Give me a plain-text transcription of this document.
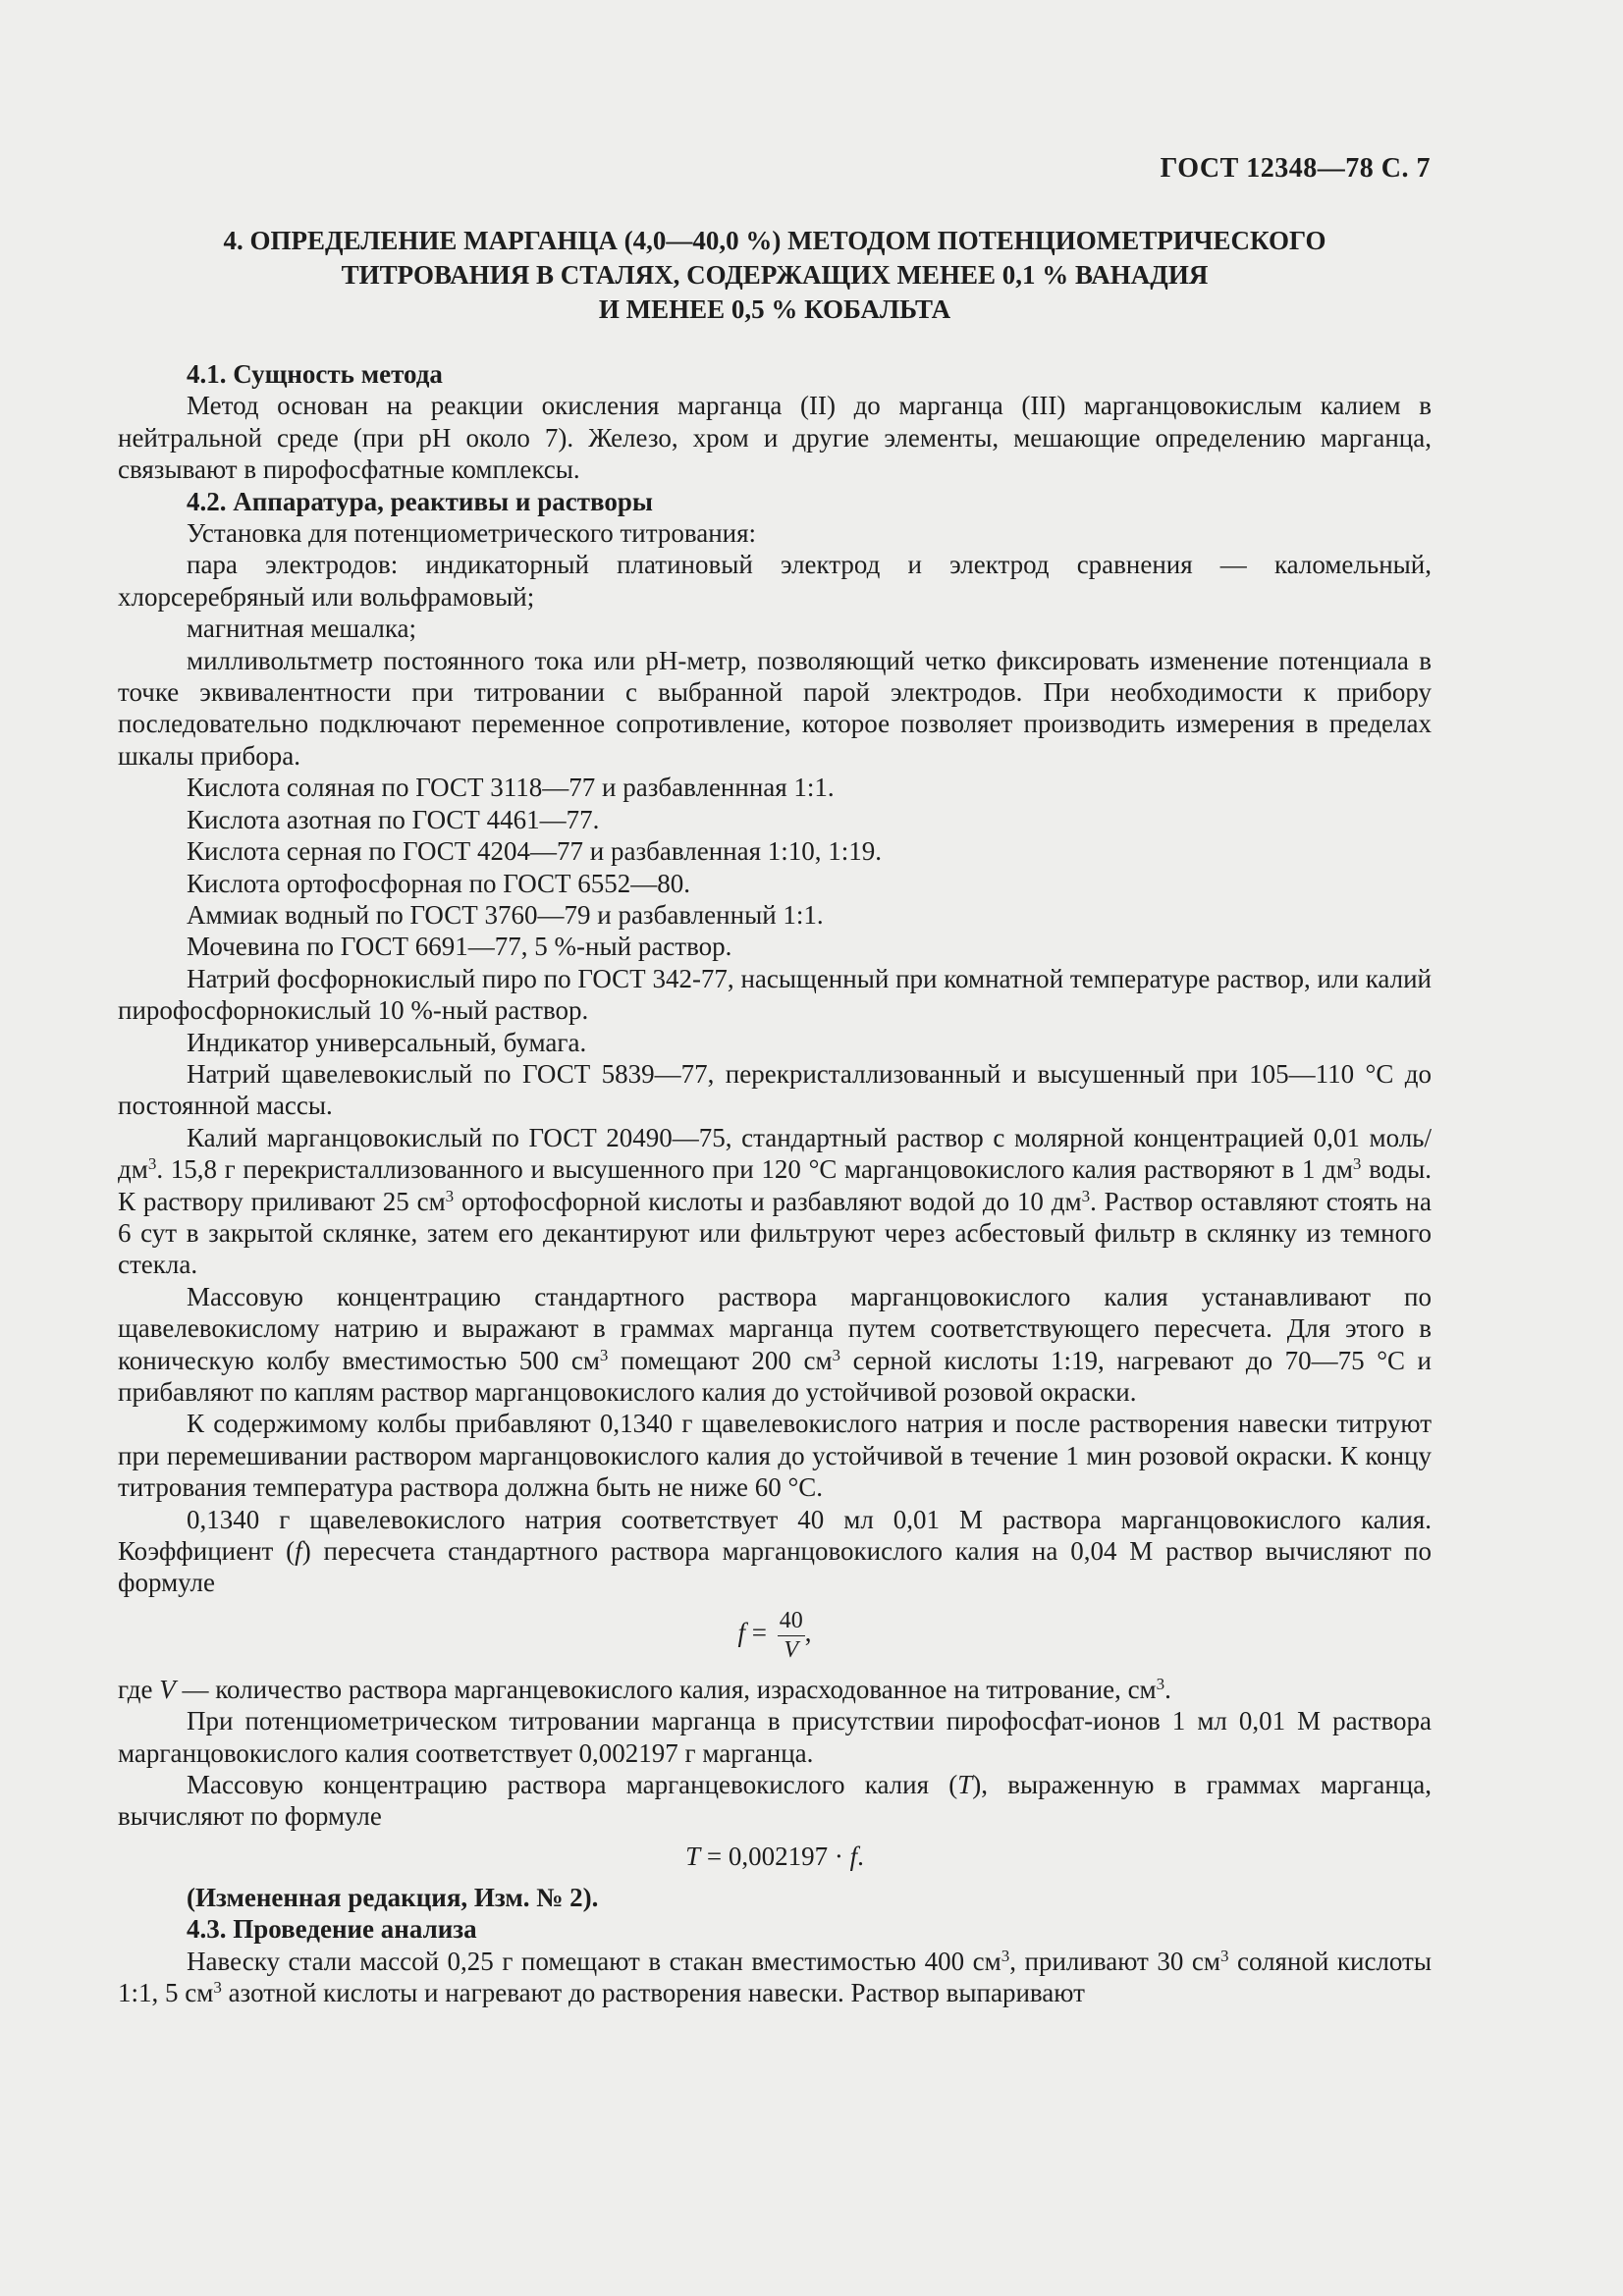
ГОСТ 12348—78 С. 7
4. ОПРЕДЕЛЕНИЕ МАРГАНЦА (4,0—40,0 %) МЕТОДОМ ПОТЕНЦИОМЕТРИЧЕСКОГО
ТИТРОВАНИЯ В СТАЛЯХ, СОДЕРЖАЩИХ МЕНЕЕ 0,1 % ВАНАДИЯ
И МЕНЕЕ 0,5 % КОБАЛЬТА

4.1. Сущность метода

Метод основан на реакции окисления марганца (II) до марганца (III) марганцовокислым калием в нейтральной среде (при pH около 7). Железо, хром и другие элементы, мешающие определению марганца, связывают в пирофосфатные комплексы.

4.2. Аппаратура, реактивы и растворы

Установка для потенциометрического титрования:

пара электродов: индикаторный платиновый электрод и электрод сравнения — каломельный, хлорсеребряный или вольфрамовый;

магнитная мешалка;

милливольтметр постоянного тока или pH-метр, позволяющий четко фиксировать изменение потенциала в точке эквивалентности при титровании с выбранной парой электродов. При необходимости к прибору последовательно подключают переменное сопротивление, которое позволяет производить измерения в пределах шкалы прибора.

Кислота соляная по ГОСТ 3118—77 и разбавленнная 1:1.

Кислота азотная по ГОСТ 4461—77.

Кислота серная по ГОСТ 4204—77 и разбавленная 1:10, 1:19.

Кислота ортофосфорная по ГОСТ 6552—80.

Аммиак водный по ГОСТ 3760—79 и разбавленный 1:1.

Мочевина по ГОСТ 6691—77, 5 %-ный раствор.

Натрий фосфорнокислый пиро по ГОСТ 342-77, насыщенный при комнатной температуре раствор, или калий пирофосфорнокислый 10 %-ный раствор.

Индикатор универсальный, бумага.

Натрий щавелевокислый по ГОСТ 5839—77, перекристаллизованный и высушенный при 105—110 °С до постоянной массы.

Калий марганцовокислый по ГОСТ 20490—75, стандартный раствор с молярной концентрацией 0,01 моль/$дм^3$. 15,8 г перекристаллизованного и высушенного при 120 °С марганцовокислого калия растворяют в 1 $дм^3$ воды. К раствору приливают 25 $см^3$ ортофосфорной кислоты и разбавляют водой до 10 $дм^3$. Раствор оставляют стоять на 6 сут в закрытой склянке, затем его декантируют или фильтруют через асбестовый фильтр в склянку из темного стекла.

Массовую концентрацию стандартного раствора марганцовокислого калия устанавливают по щавелевокислому натрию и выражают в граммах марганца путем соответствующего пересчета. Для этого в коническую колбу вместимостью 500 $см^3$ помещают 200 $см^3$ серной кислоты 1:19, нагревают до 70—75 °С и прибавляют по каплям раствор марганцовокислого калия до устойчивой розовой окраски.

К содержимому колбы прибавляют 0,1340 г щавелевокислого натрия и после растворения навески титруют при перемешивании раствором марганцовокислого калия до устойчивой в течение 1 мин розовой окраски. К концу титрования температура раствора должна быть не ниже 60 °С.

0,1340 г щавелевокислого натрия соответствует 40 мл 0,01 М раствора марганцовокислого калия. Коэффициент (f) пересчета стандартного раствора марганцовокислого калия на 0,04 М раствор вычисляют по формуле

$f = \frac{40}{V}$ ,

где V — количество раствора марганцевокислого калия, израсходованное на титрование, $см^3$.

При потенциометрическом титровании марганца в присутствии пирофосфат-ионов 1 мл 0,01 М раствора марганцовокислого калия соответствует 0,002197 г марганца.

Массовую концентрацию раствора марганцевокислого калия (T), выраженную в граммах марганца, вычисляют по формуле

T = 0,002197 · f.

(Измененная редакция, Изм. № 2).

4.3. Проведение анализа

Навеску стали массой 0,25 г помещают в стакан вместимостью 400 $см^3$, приливают 30 $см^3$ соляной кислоты 1:1, 5 $см^3$ азотной кислоты и нагревают до растворения навески. Раствор выпаривают
